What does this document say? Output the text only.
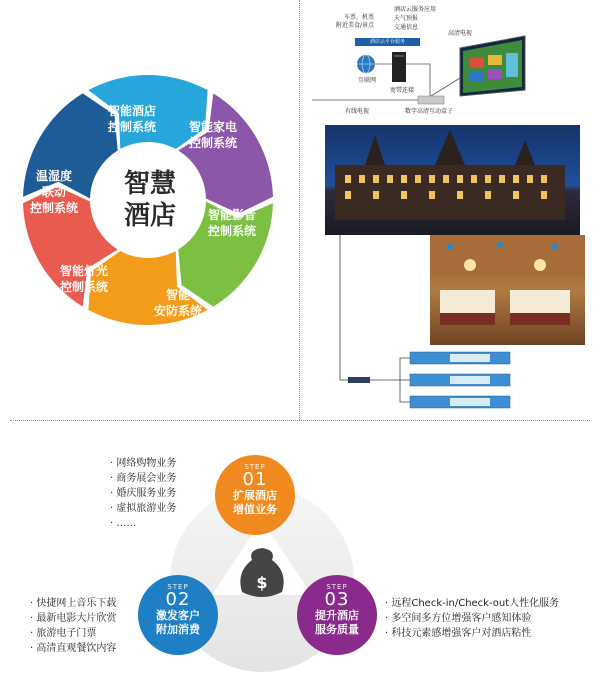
智慧
酒店
智能酒店
控制系统	智能家电
控制系统
智能影音
控制系统
智能
安防系统
智能灯光
控制系统
温湿度
联动
控制系统
车票、机票
附近美食/景点
酒店云服务应用
天气预报
交通信息
酒店云平台服务
互联网
宽带连接
高清电视
有线电视	数字高清互动盒子
$
STEP
01
扩展酒店
增值业务
STEP
02
激发客户
附加消费
STEP
03
提升酒店
服务质量
· 网络购物业务
· 商务展会业务
· 婚庆服务业务
· 虚拟旅游业务
· ……
· 快捷网上音乐下载
· 最新电影大片欣赏
· 旅游电子门票
· 高清直观餐饮内容
· 远程Check-in/Check-out人性化服务
· 多空间多方位增强客户感知体验
· 科技元素感增强客户对酒店粘性
